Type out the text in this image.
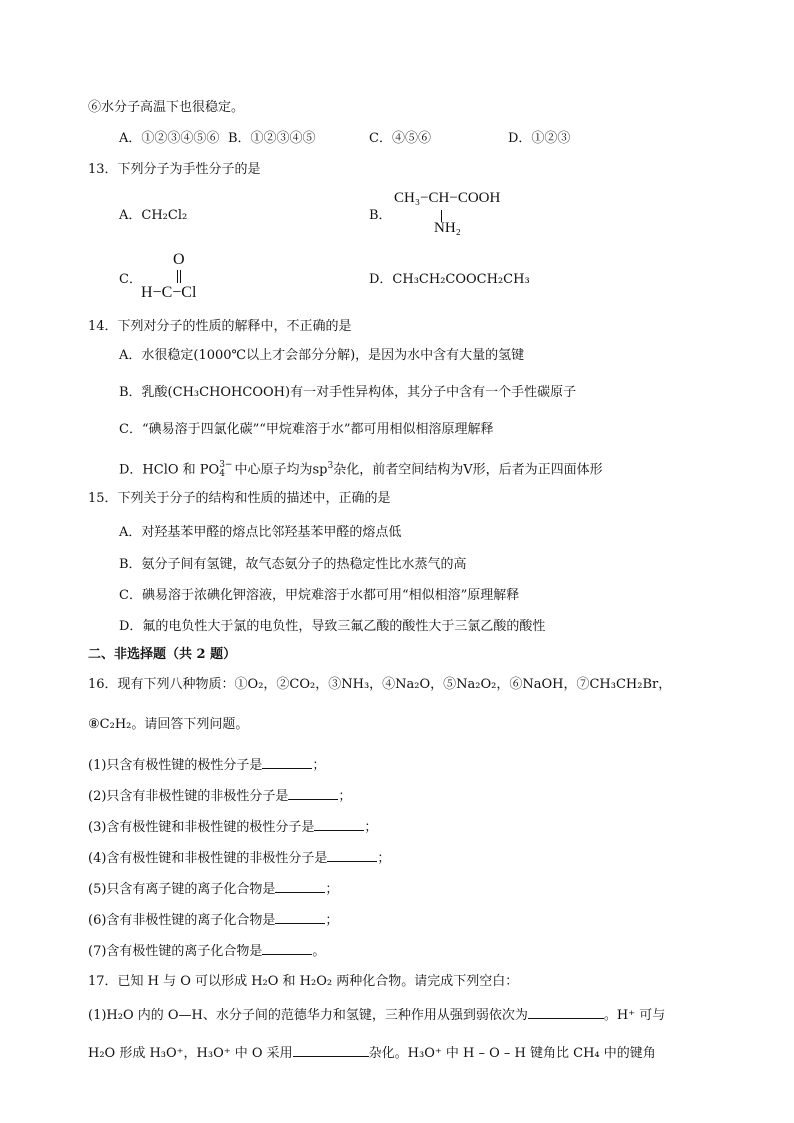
⑥水分子高温下也很稳定。
A．①②③④⑤⑥ B．①②③④⑤	C．④⑤⑥	D．①②③
13．下列分子为手性分子的是
A．CH₂Cl₂	B．
CH₃−CH−COOH
NH₂
C．
O
H−C−Cl
D．CH₃CH₂COOCH₂CH₃
14．下列对分子的性质的解释中，不正确的是
A．水很稳定(1000℃以上才会部分分解)，是因为水中含有大量的氢键
B．乳酸(CH₃CHOHCOOH)有一对手性异构体，其分子中含有一个手性碳原子
C．“碘易溶于四氯化碳”“甲烷难溶于水”都可用相似相溶原理解释
D．HClO 和 PO 3−
4 中心原子均为$sp^3$杂化，前者空间结构为V形，后者为正四面体形
15．下列关于分子的结构和性质的描述中，正确的是
A．对羟基苯甲醛的熔点比邻羟基苯甲醛的熔点低
B．氨分子间有氢键，故气态氨分子的热稳定性比水蒸气的高
C．碘易溶于浓碘化钾溶液，甲烷难溶于水都可用“相似相溶”原理解释
D．氟的电负性大于氯的电负性，导致三氟乙酸的酸性大于三氯乙酸的酸性
二、非选择题（共 2 题）
16．现有下列八种物质：①O₂，②CO₂，③NH₃，④Na₂O，⑤Na₂O₂，⑥NaOH，⑦CH₃CH₂Br，
⑧C₂H₂。请回答下列问题。
(1)只含有极性键的极性分子是	；
(2)只含有非极性键的非极性分子是	；
(3)含有极性键和非极性键的极性分子是	；
(4)含有极性键和非极性键的非极性分子是	；
(5)只含有离子键的离子化合物是	；
(6)含有非极性键的离子化合物是	；
(7)含有极性键的离子化合物是	。
17．已知 H 与 O 可以形成 H₂O 和 H₂O₂ 两种化合物。请完成下列空白：
(1)H₂O 内的 O—H、水分子间的范德华力和氢键，三种作用从强到弱依次为	。H⁺ 可与
H₂O 形成 H₃O⁺，H₃O⁺ 中 O 采用	杂化。H₃O⁺ 中 H – O – H 键角比 CH₄ 中的键角
